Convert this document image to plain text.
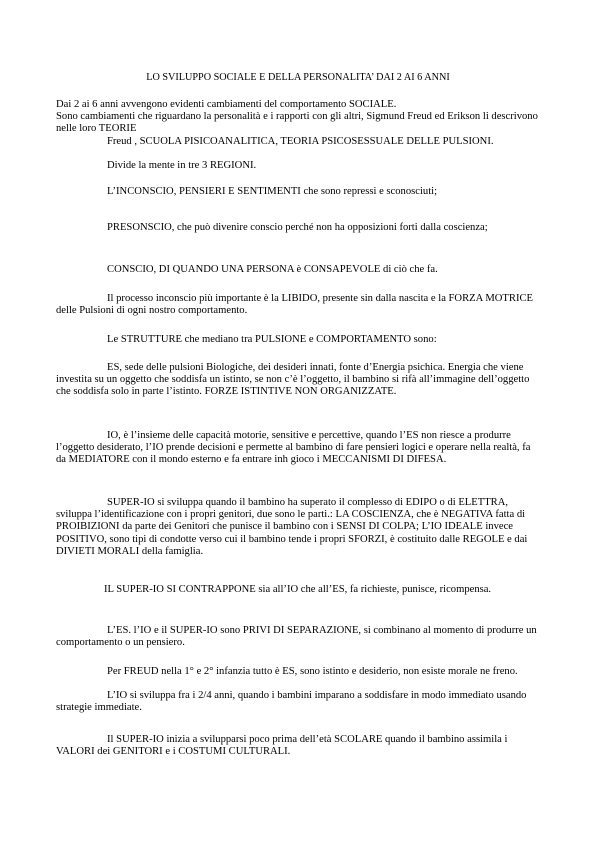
LO SVILUPPO SOCIALE E DELLA PERSONALITA’ DAI 2 AI 6 ANNI

Dai 2 ai 6 anni avvengono evidenti cambiamenti del comportamento SOCIALE.

Sono cambiamenti che riguardano la personalità e i rapporti con gli altri, Sigmund Freud ed Erikson li descrivono nelle loro TEORIE

Freud , SCUOLA PISICOANALITICA, TEORIA PSICOSESSUALE DELLE PULSIONI.

Divide la mente in tre 3 REGIONI.

L’INCONSCIO, PENSIERI E SENTIMENTI che sono repressi e sconosciuti;

PRESONSCIO, che può divenire conscio perché non ha opposizioni forti dalla coscienza;

CONSCIO, DI QUANDO UNA PERSONA è CONSAPEVOLE di ciò che fa.

Il processo inconscio più importante è la LIBIDO, presente sin dalla nascita e la FORZA MOTRICE delle Pulsioni di ogni nostro comportamento.

Le STRUTTURE che mediano tra PULSIONE e COMPORTAMENTO sono:

ES, sede delle pulsioni Biologiche, dei desideri innati, fonte d’Energia psichica. Energia che viene investita su un oggetto che soddisfa un istinto, se non c’è l’oggetto, il bambino si rifà all’immagine dell’oggetto che soddisfa solo in parte l’istinto. FORZE ISTINTIVE NON ORGANIZZATE.

IO, è l’insieme delle capacità motorie, sensitive e percettive, quando l’ES non riesce a produrre l’oggetto desiderato, l’IO prende decisioni e permette al bambino di fare pensieri logici e operare nella realtà, fa da MEDIATORE con il mondo esterno e fa entrare inh gioco i MECCANISMI DI DIFESA.

SUPER-IO si sviluppa quando il bambino ha superato il complesso di EDIPO o di ELETTRA, sviluppa l’identificazione con i propri genitori, due sono le parti.: LA COSCIENZA, che è NEGATIVA fatta di PROIBIZIONI da parte dei Genitori che punisce il bambino con i SENSI DI COLPA; L’IO IDEALE invece POSITIVO, sono tipi di condotte verso cui il bambino tende i propri SFORZI, è costituito dalle REGOLE e dai DIVIETI MORALI della famiglia.

IL SUPER-IO SI CONTRAPPONE sia all’IO che all’ES, fa richieste, punisce, ricompensa.

L’ES. l’IO e il SUPER-IO sono PRIVI DI SEPARAZIONE, si combinano al momento di produrre un comportamento o un pensiero.

Per FREUD nella 1° e 2° infanzia tutto è ES, sono istinto e desiderio, non esiste morale ne freno.

L’IO si sviluppa fra i 2/4 anni, quando i bambini imparano a soddisfare in modo immediato usando strategie immediate.

Il SUPER-IO inizia a svilupparsi poco prima dell’età SCOLARE quando il bambino assimila i VALORI dei GENITORI e i COSTUMI CULTURALI.
